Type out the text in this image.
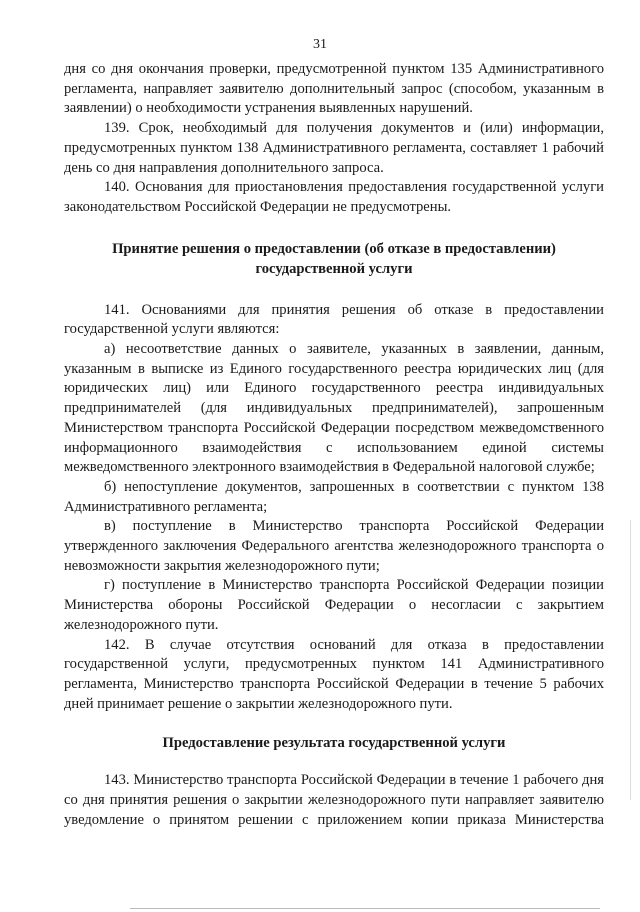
31

дня со дня окончания проверки, предусмотренной пунктом 135 Административного регламента, направляет заявителю дополнительный запрос (способом, указанным в заявлении) о необходимости устранения выявленных нарушений.

139. Срок, необходимый для получения документов и (или) информации, предусмотренных пунктом 138 Административного регламента, составляет 1 рабочий день со дня направления дополнительного запроса.

140. Основания для приостановления предоставления государственной услуги законодательством Российской Федерации не предусмотрены.

Принятие решения о предоставлении (об отказе в предоставлении) государственной услуги

141. Основаниями для принятия решения об отказе в предоставлении государственной услуги являются:

а) несоответствие данных о заявителе, указанных в заявлении, данным, указанным в выписке из Единого государственного реестра юридических лиц (для юридических лиц) или Единого государственного реестра индивидуальных предпринимателей (для индивидуальных предпринимателей), запрошенным Министерством транспорта Российской Федерации посредством межведомственного информационного взаимодействия с использованием единой системы межведомственного электронного взаимодействия в Федеральной налоговой службе;

б) непоступление документов, запрошенных в соответствии с пунктом 138 Административного регламента;

в) поступление в Министерство транспорта Российской Федерации утвержденного заключения Федерального агентства железнодорожного транспорта о невозможности закрытия железнодорожного пути;

г) поступление в Министерство транспорта Российской Федерации позиции Министерства обороны Российской Федерации о несогласии с закрытием железнодорожного пути.

142. В случае отсутствия оснований для отказа в предоставлении государственной услуги, предусмотренных пунктом 141 Административного регламента, Министерство транспорта Российской Федерации в течение 5 рабочих дней принимает решение о закрытии железнодорожного пути.

Предоставление результата государственной услуги

143. Министерство транспорта Российской Федерации в течение 1 рабочего дня со дня принятия решения о закрытии железнодорожного пути направляет заявителю уведомление о принятом решении с приложением копии приказа Министерства
